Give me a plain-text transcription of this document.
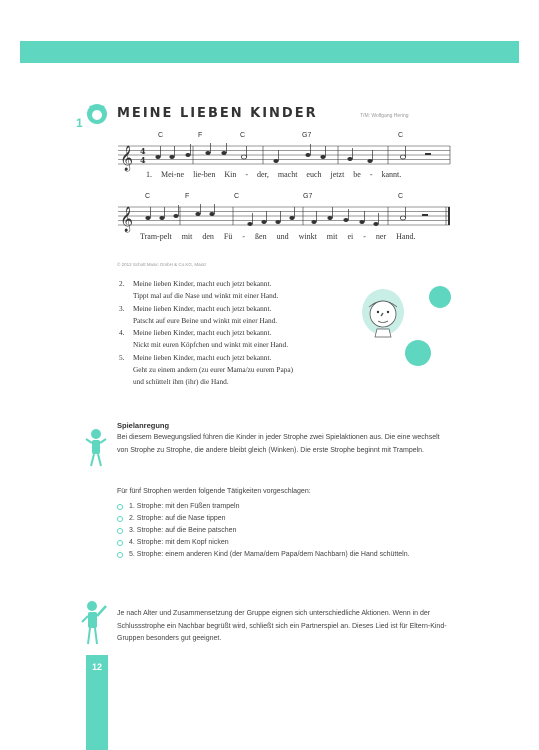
1
MEINE LIEBEN KINDER	T/M: Wolfgang Hering
C	F	C	G7	C
𝄞 4
4
1. Mei-ne lie-ben Kin - der, macht euch jetzt be - kannt.
C	F	C	G7	C
𝄞
Tram-pelt mit den Fü - ßen und winkt mit ei - ner Hand.
© 2012 Schott Music GmbH & Co.KG, Mainz
2. Meine lieben Kinder, macht euch jetzt bekannt.
Tippt mal auf die Nase und winkt mit einer Hand.
3. Meine lieben Kinder, macht euch jetzt bekannt.
Patscht auf eure Beine und winkt mit einer Hand.
4. Meine lieben Kinder, macht euch jetzt bekannt.
Nickt mit euren Köpfchen und winkt mit einer Hand.
5. Meine lieben Kinder, macht euch jetzt bekannt.
Geht zu einem andern (zu eurer Mama/zu eurem Papa)
und schüttelt ihm (ihr) die Hand.
Spielanregung
Bei diesem Bewegungslied führen die Kinder in jeder Strophe zwei Spielaktionen aus. Die eine wechselt von Strophe zu Strophe, die andere bleibt gleich (Winken). Die erste Strophe beginnt mit Trampeln.
Für fünf Strophen werden folgende Tätigkeiten vorgeschlagen:
1. Strophe: mit den Füßen trampeln
2. Strophe: auf die Nase tippen
3. Strophe: auf die Beine patschen
4. Strophe: mit dem Kopf nicken
5. Strophe: einem anderen Kind (der Mama/dem Papa/dem Nachbarn) die Hand schütteln.
Je nach Alter und Zusammensetzung der Gruppe eignen sich unterschiedliche Aktionen. Wenn in der Schlussstrophe ein Nachbar begrüßt wird, schließt sich ein Partnerspiel an. Dieses Lied ist für Eltern-Kind-Gruppen besonders gut geeignet.
12
